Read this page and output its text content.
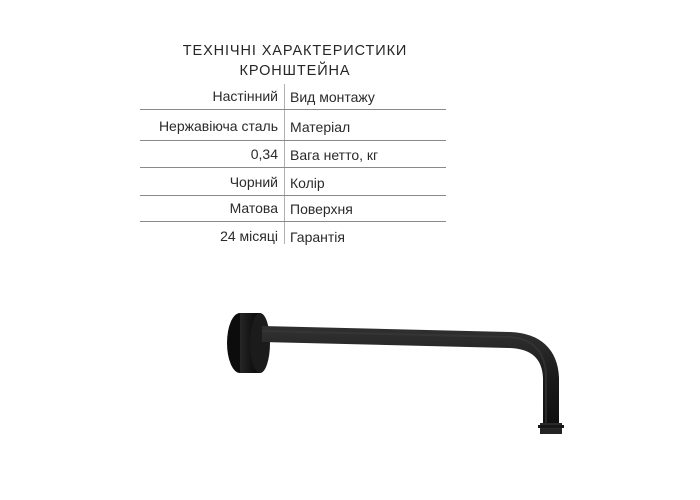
ТЕХНІЧНІ ХАРАКТЕРИСТИКИ
КРОНШТЕЙНА
Настінний Вид монтажу
Нержавіюча сталь Матеріал
0,34 Вага нетто, кг
Чорний Колір
Матова Поверхня
24 місяці Гарантія
